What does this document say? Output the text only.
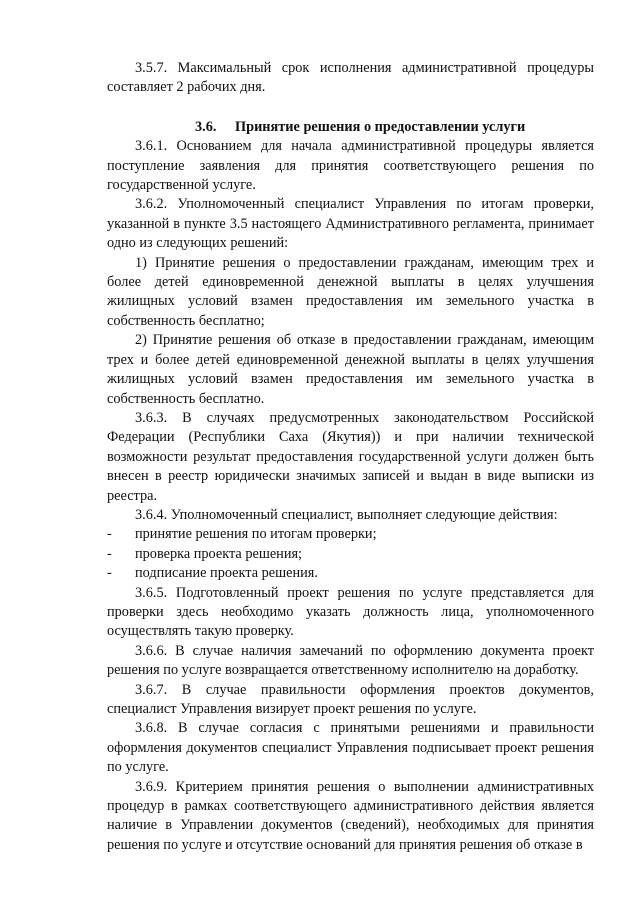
3.5.7. Максимальный срок исполнения административной процедуры составляет 2 рабочих дня.

3.6. Принятие решения о предоставлении услуги

3.6.1. Основанием для начала административной процедуры является поступление заявления для принятия соответствующего решения по государственной услуге.

3.6.2. Уполномоченный специалист Управления по итогам проверки, указанной в пункте 3.5 настоящего Административного регламента, принимает одно из следующих решений:

1) Принятие решения о предоставлении гражданам, имеющим трех и более детей единовременной денежной выплаты в целях улучшения жилищных условий взамен предоставления им земельного участка в собственность бесплатно;

2) Принятие решения об отказе в предоставлении гражданам, имеющим трех и более детей единовременной денежной выплаты в целях улучшения жилищных условий взамен предоставления им земельного участка в собственность бесплатно.

3.6.3. В случаях предусмотренных законодательством Российской Федерации (Республики Саха (Якутия)) и при наличии технической возможности результат предоставления государственной услуги должен быть внесен в реестр юридически значимых записей и выдан в виде выписки из реестра.

3.6.4. Уполномоченный специалист, выполняет следующие действия:

- принятие решения по итогам проверки;
- проверка проекта решения;
- подписание проекта решения.

3.6.5. Подготовленный проект решения по услуге представляется для проверки здесь необходимо указать должность лица, уполномоченного осуществлять такую проверку.

3.6.6. В случае наличия замечаний по оформлению документа проект решения по услуге возвращается ответственному исполнителю на доработку.

3.6.7. В случае правильности оформления проектов документов, специалист Управления визирует проект решения по услуге.

3.6.8. В случае согласия с принятыми решениями и правильности оформления документов специалист Управления подписывает проект решения по услуге.

3.6.9. Критерием принятия решения о выполнении административных процедур в рамках соответствующего административного действия является наличие в Управлении документов (сведений), необходимых для принятия решения по услуге и отсутствие оснований для принятия решения об отказе в
